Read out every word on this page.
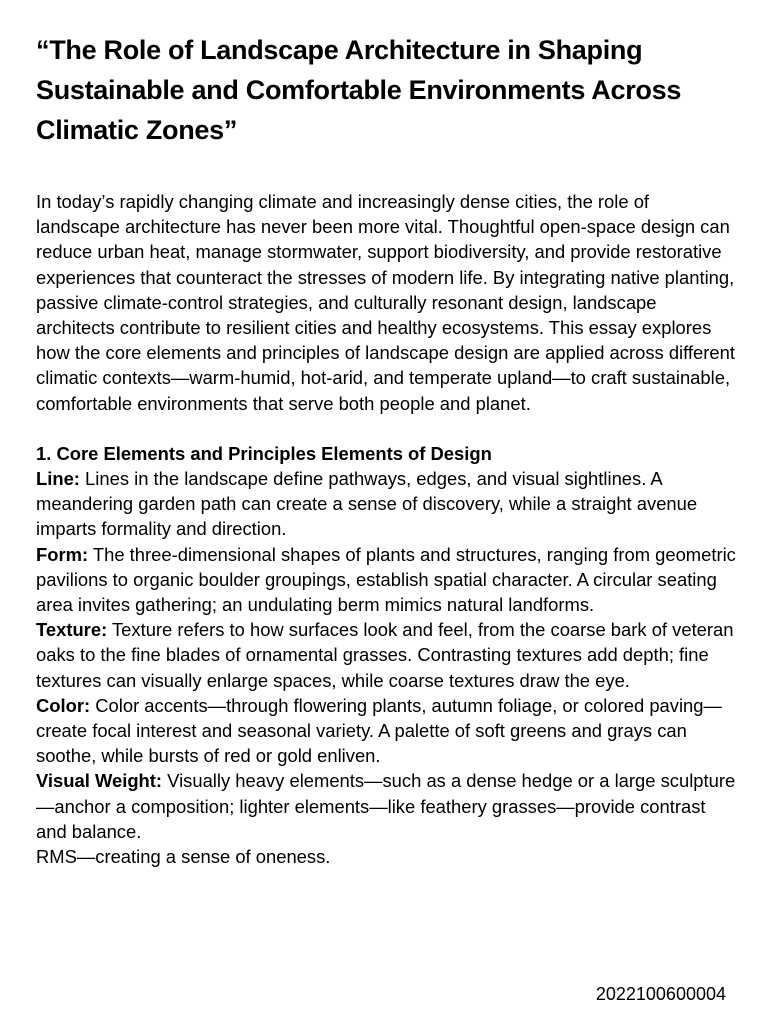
“The Role of Landscape Architecture in Shaping Sustainable and Comfortable Environments Across Climatic Zones”

In today’s rapidly changing climate and increasingly dense cities, the role of landscape architecture has never been more vital. Thoughtful open-space design can reduce urban heat, manage stormwater, support biodiversity, and provide restorative experiences that counteract the stresses of modern life. By integrating native planting, passive climate-control strategies, and culturally resonant design, landscape architects contribute to resilient cities and healthy ecosystems. This essay explores how the core elements and principles of landscape design are applied across different climatic contexts—warm-humid, hot-arid, and temperate upland—to craft sustainable, comfortable environments that serve both people and planet.

1. Core Elements and Principles Elements of Design

Line: Lines in the landscape define pathways, edges, and visual sightlines. A meandering garden path can create a sense of discovery, while a straight avenue imparts formality and direction.

Form: The three-dimensional shapes of plants and structures, ranging from geometric pavilions to organic boulder groupings, establish spatial character. A circular seating area invites gathering; an undulating berm mimics natural landforms.

Texture: Texture refers to how surfaces look and feel, from the coarse bark of veteran oaks to the fine blades of ornamental grasses. Contrasting textures add depth; fine textures can visually enlarge spaces, while coarse textures draw the eye.

Color: Color accents—through flowering plants, autumn foliage, or colored paving—create focal interest and seasonal variety. A palette of soft greens and grays can soothe, while bursts of red or gold enliven.

Visual Weight: Visually heavy elements—such as a dense hedge or a large sculpture—anchor a composition; lighter elements—like feathery grasses—provide contrast and balance.

RMS—creating a sense of oneness.

2022100600004
